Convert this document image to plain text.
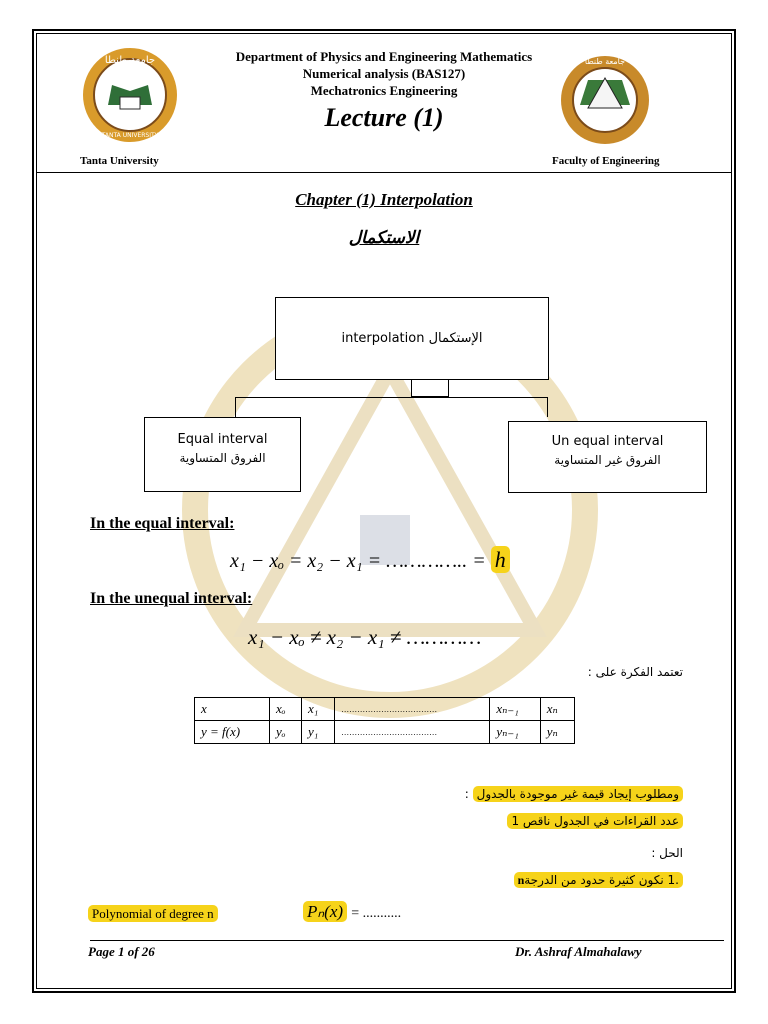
جامعة طنطا
TANTA UNIVERSITY
جامعة طنطا
Department of Physics and Engineering Mathematics
Numerical analysis (BAS127)
Mechatronics Engineering
Lecture (1)
Tanta University	Faculty of Engineering
Chapter (1) Interpolation
الاستكمال
interpolation الإستكمال
Equal interval
الفروق المتساوية
Un equal interval
الفروق غير المتساوية
In the equal interval:
x₁ − xₒ = x₂ − x₁ = ………….. = h
In the unequal interval:
x₁ − xₒ ≠ x₂ − x₁ ≠ …………
تعتمد الفكرة على :
x	xₒ	x₁	………………………………	xₙ₋₁	xₙ
y = f(x)	yₒ	y₁	………………………………	yₙ₋₁	yₙ
ومطلوب إيجاد قيمة غير موجودة بالجدول :
عدد القراءات في الجدول ناقص 1
الحل :
.1 نكون كثيرة حدود من الدرجةn
Polynomial of degree n	Pₙ(x) = ...........
Page 1 of 26	Dr. Ashraf Almahalawy
